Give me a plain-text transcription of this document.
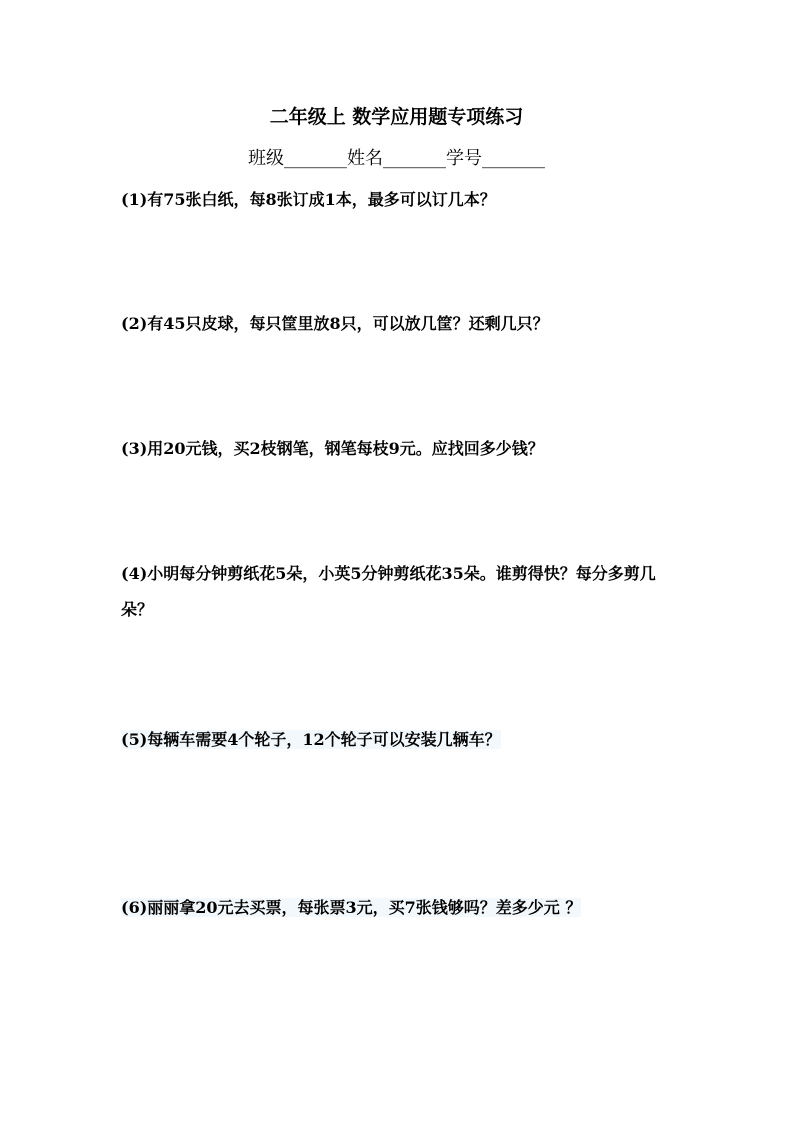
二年级上 数学应用题专项练习
班级_______姓名_______学号_______
(1)有75张白纸，每8张订成1本，最多可以订几本？
(2)有45只皮球，每只筐里放8只，可以放几筐？还剩几只？
(3)用20元钱，买2枝钢笔，钢笔每枝9元。应找回多少钱？
(4)小明每分钟剪纸花5朵，小英5分钟剪纸花35朵。谁剪得快？每分多剪几朵？
(5)每辆车需要4个轮子，12个轮子可以安装几辆车？
(6)丽丽拿20元去买票，每张票3元，买7张钱够吗？差多少元 ？
